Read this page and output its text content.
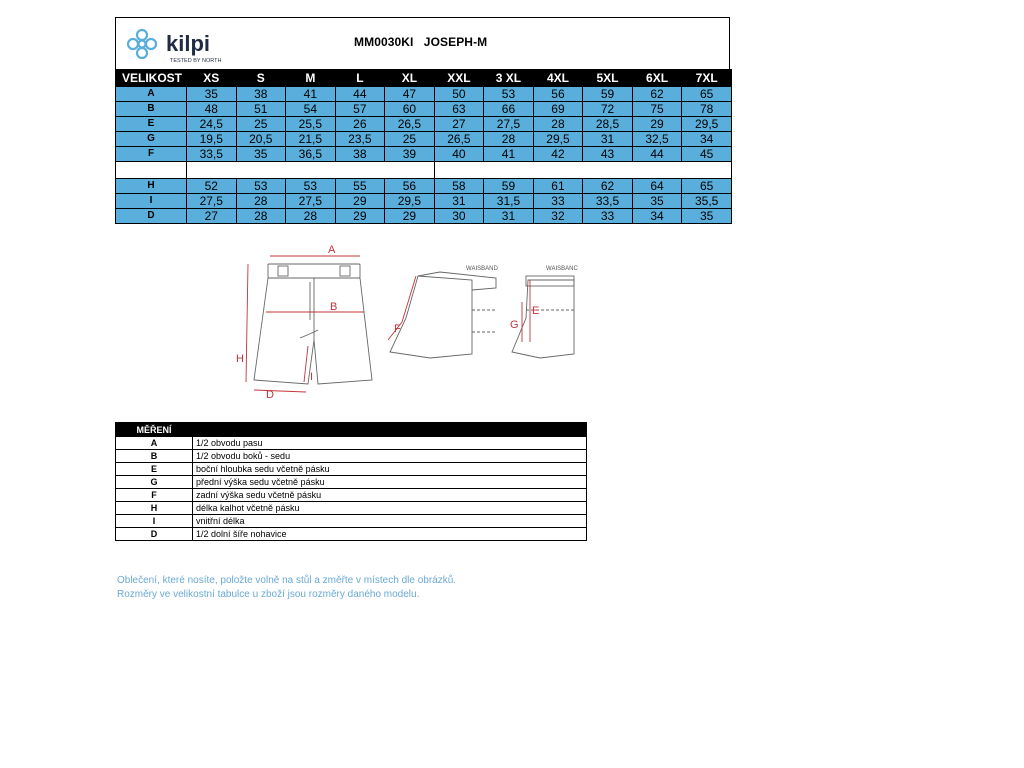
kilpi
TESTED BY NORTH
MM0030KI   JOSEPH-M
VELIKOST	XS	S	M	L	XL	XXL	3 XL	4XL	5XL	6XL	7XL
A	35	38	41	44	47	50	53	56	59	62	65
B	48	51	54	57	60	63	66	69	72	75	78
E	24,5	25	25,5	26	26,5	27	27,5	28	28,5	29	29,5
G	19,5	20,5	21,5	23,5	25	26,5	28	29,5	31	32,5	34
F	33,5	35	36,5	38	39	40	41	42	43	44	45
KLÍN	40 X 8,5					42 X 10					
H	52	53	53	55	56	58	59	61	62	64	65
I	27,5	28	27,5	29	29,5	31	31,5	33	33,5	35	35,5
D	27	28	28	29	29	30	31	32	33	34	35
A
B
H
I
D
F
WAISBAND
E
G
WAISBANC
MĚŘENÍ	
A	1/2 obvodu pasu
B	1/2 obvodu boků - sedu
E	boční hloubka sedu včetně pásku
G	přední výška sedu včetně pásku
F	zadní výška sedu včetně pásku
H	délka kalhot včetně pásku
I	vnitřní délka
D	1/2 dolní šíře nohavice
Oblečení, které nosíte, položte volně na stůl a změřte v místech dle obrázků.
Rozměry ve velikostní tabulce u zboží jsou rozměry daného modelu.
